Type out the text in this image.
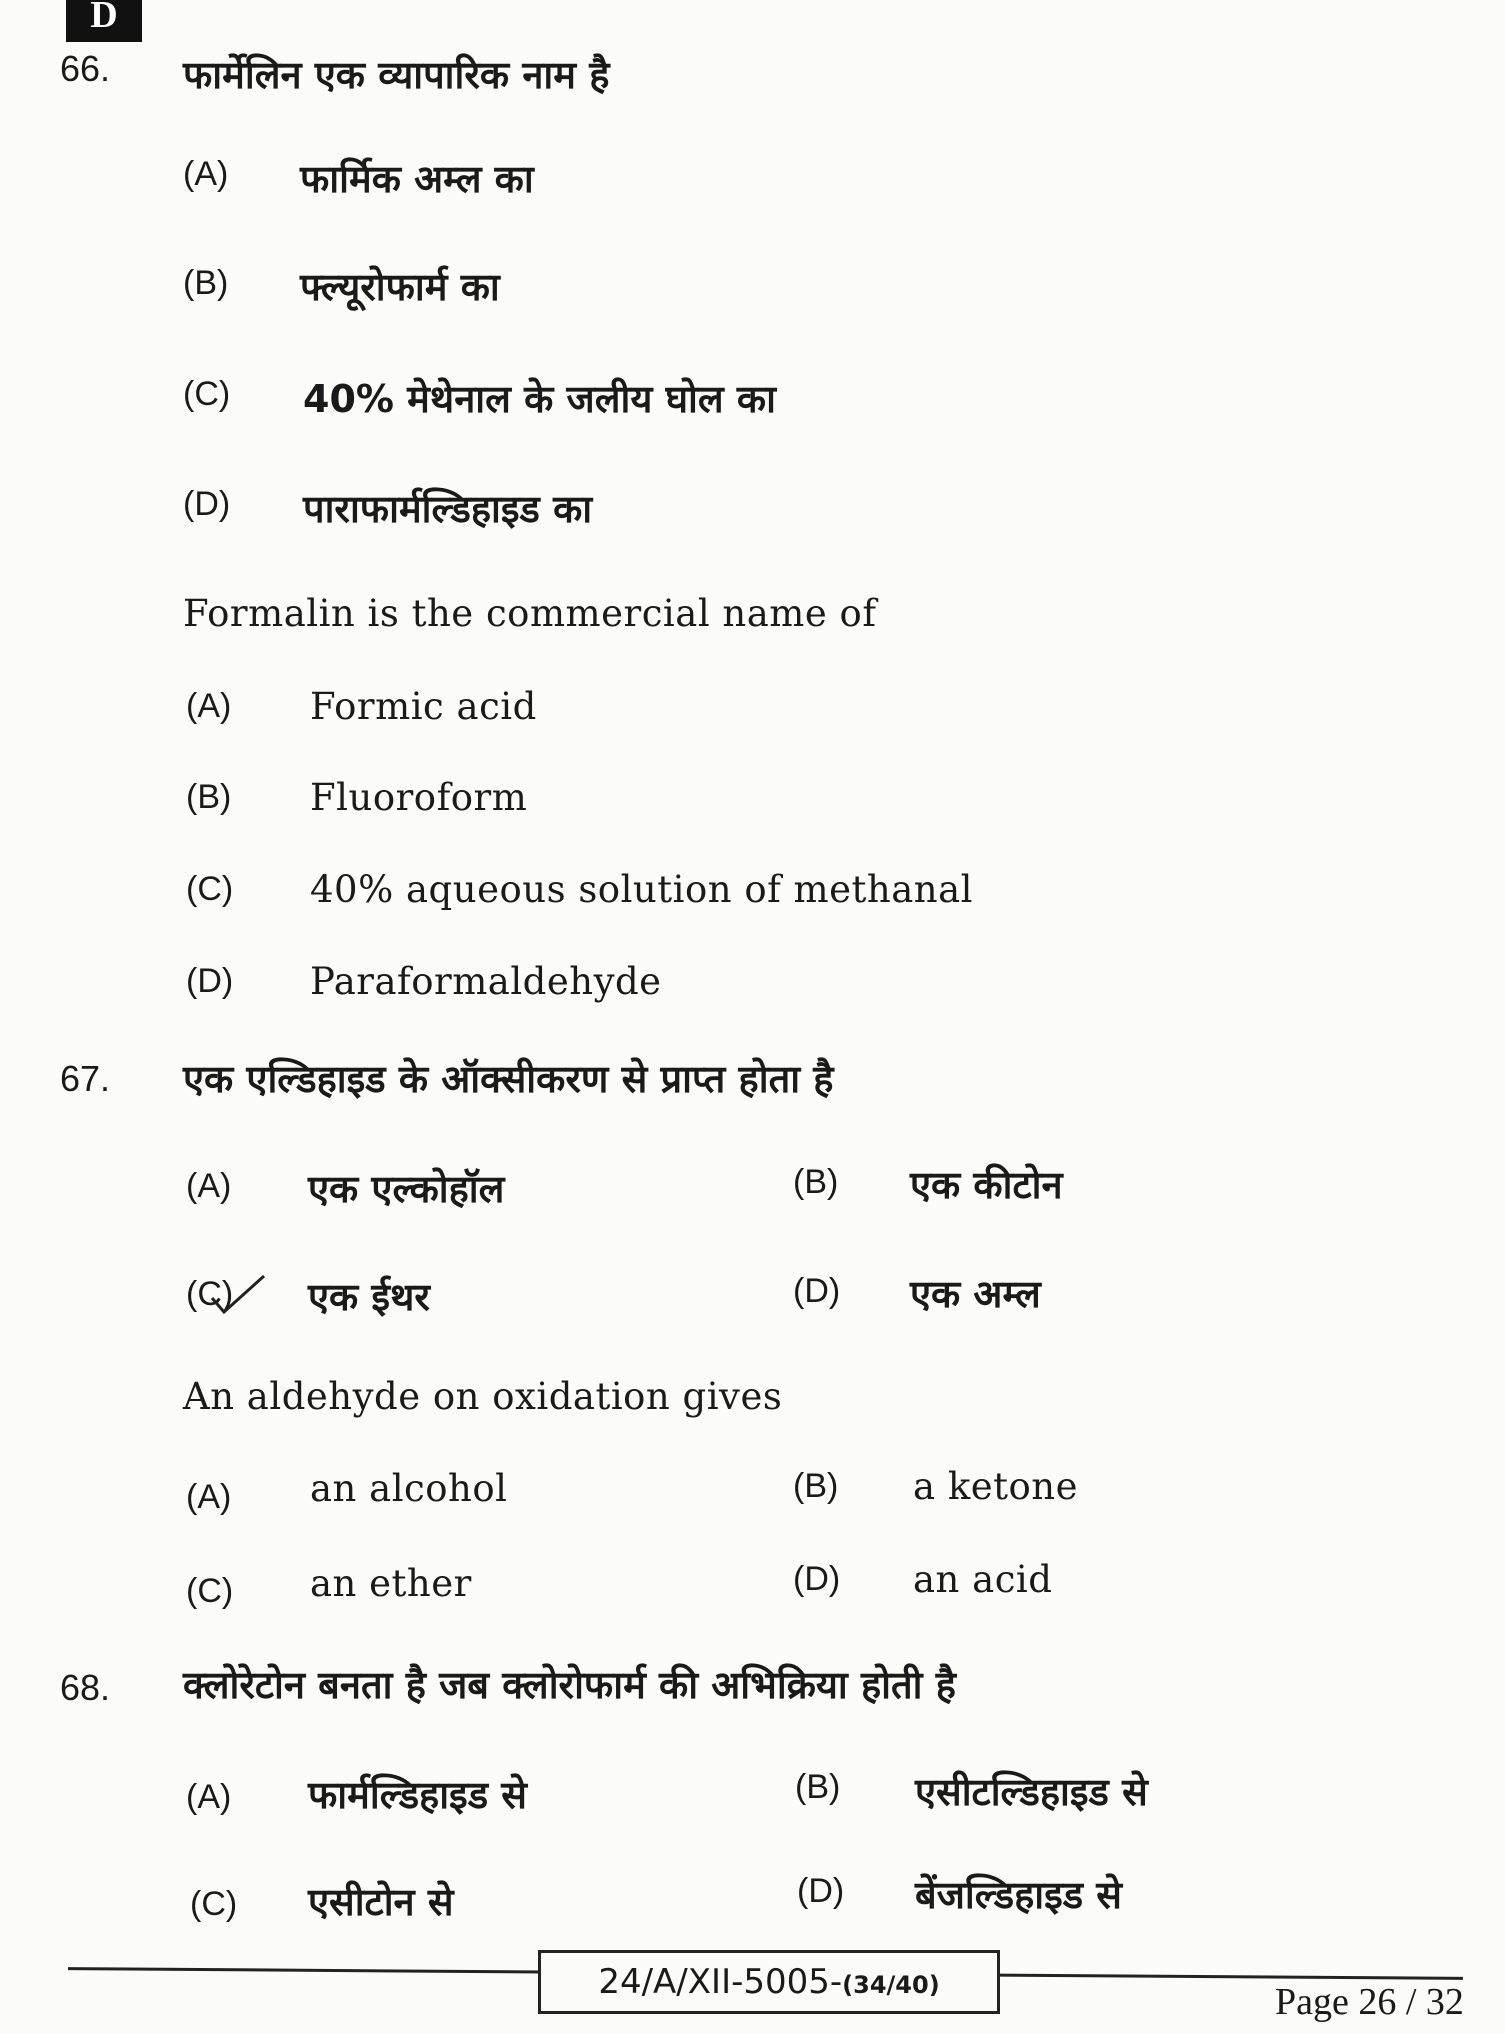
D
66. फार्मेलिन एक व्यापारिक नाम है
(A) फार्मिक अम्ल का
(B) फ्ल्यूरोफार्म का
(C) 40% मेथेनाल के जलीय घोल का
(D) पाराफार्मल्डिहाइड का
Formalin is the commercial name of
(A) Formic acid
(B) Fluoroform
(C) 40% aqueous solution of methanal
(D) Paraformaldehyde
67. एक एल्डिहाइड के ऑक्सीकरण से प्राप्त होता है
(A) एक एल्कोहॉल	(B) एक कीटोन
(C) एक ईथर	(D) एक अम्ल
An aldehyde on oxidation gives
(A) an alcohol	(B) a ketone
(C) an ether	(D) an acid
68. क्लोरेटोन बनता है जब क्लोरोफार्म की अभिक्रिया होती है
(A) फार्मल्डिहाइड से	(B) एसीटल्डिहाइड से
(C) एसीटोन से	(D) बेंजल्डिहाइड से
24/A/XII-5005-(34/40)	Page 26 / 32
